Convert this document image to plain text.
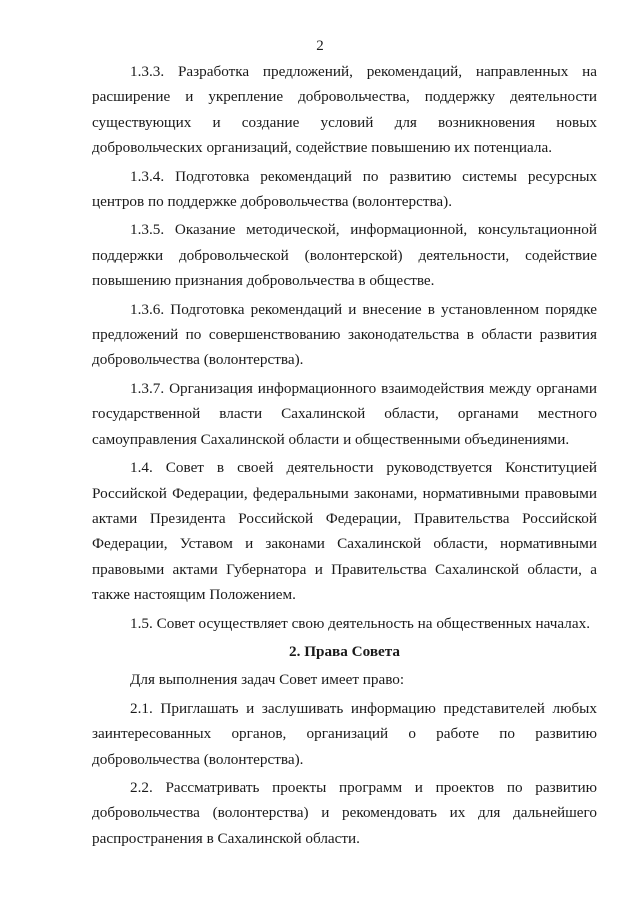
2

1.3.3. Разработка предложений, рекомендаций, направленных на расширение и укрепление добровольчества, поддержку деятельности существующих и создание условий для возникновения новых добровольческих организаций, содействие повышению их потенциала.

1.3.4. Подготовка рекомендаций по развитию системы ресурсных центров по поддержке добровольчества (волонтерства).

1.3.5. Оказание методической, информационной, консультационной поддержки добровольческой (волонтерской) деятельности, содействие повышению признания добровольчества в обществе.

1.3.6. Подготовка рекомендаций и внесение в установленном порядке предложений по совершенствованию законодательства в области развития добровольчества (волонтерства).

1.3.7. Организация информационного взаимодействия между органами государственной власти Сахалинской области, органами местного самоуправления Сахалинской области и общественными объединениями.

1.4. Совет в своей деятельности руководствуется Конституцией Российской Федерации, федеральными законами, нормативными правовыми актами Президента Российской Федерации, Правительства Российской Федерации, Уставом и законами Сахалинской области, нормативными правовыми актами Губернатора и Правительства Сахалинской области, а также настоящим Положением.

1.5. Совет осуществляет свою деятельность на общественных началах.

2. Права Совета

Для выполнения задач Совет имеет право:

2.1. Приглашать и заслушивать информацию представителей любых заинтересованных органов, организаций о работе по развитию добровольчества (волонтерства).

2.2. Рассматривать проекты программ и проектов по развитию добровольчества (волонтерства) и рекомендовать их для дальнейшего распространения в Сахалинской области.
